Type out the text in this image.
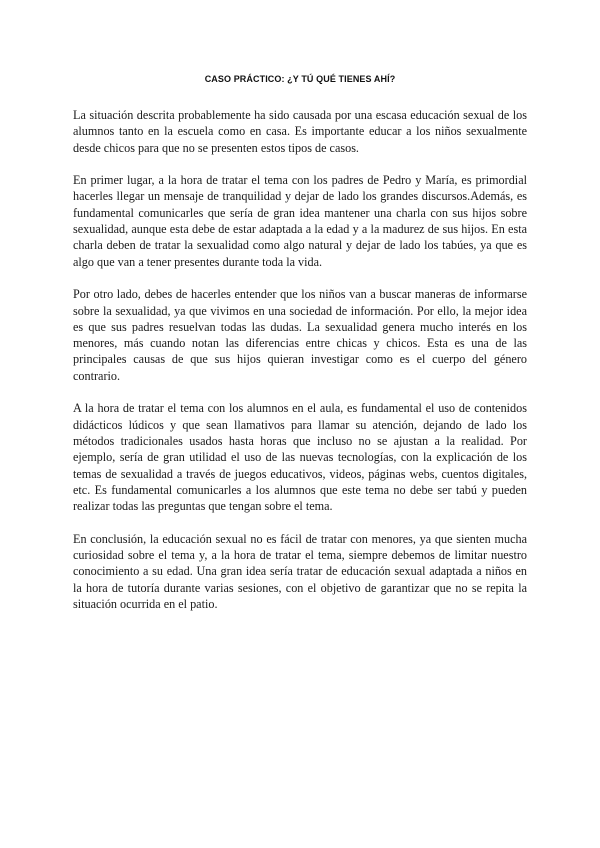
CASO PRÁCTICO: ¿Y TÚ QUÉ TIENES AHÍ?

La situación descrita probablemente ha sido causada por una escasa educación sexual de los alumnos tanto en la escuela como en casa. Es importante educar a los niños sexualmente desde chicos para que no se presenten estos tipos de casos.

En primer lugar, a la hora de tratar el tema con los padres de Pedro y María, es primordial hacerles llegar un mensaje de tranquilidad y dejar de lado los grandes discursos.Además, es fundamental comunicarles que sería de gran idea mantener una charla con sus hijos sobre sexualidad, aunque esta debe de estar adaptada a la edad y a la madurez de sus hijos. En esta charla deben de tratar la sexualidad como algo natural y dejar de lado los tabúes, ya que es algo que van a tener presentes durante toda la vida.

Por otro lado, debes de hacerles entender que los niños van a buscar maneras de informarse sobre la sexualidad, ya que vivimos en una sociedad de información. Por ello, la mejor idea es que sus padres resuelvan todas las dudas. La sexualidad genera mucho interés en los menores, más cuando notan las diferencias entre chicas y chicos. Esta es una de las principales causas de que sus hijos quieran investigar como es el cuerpo del género contrario.

A la hora de tratar el tema con los alumnos en el aula, es fundamental el uso de contenidos didácticos lúdicos y que sean llamativos para llamar su atención, dejando de lado los métodos tradicionales usados hasta horas que incluso no se ajustan a la realidad. Por ejemplo, sería de gran utilidad el uso de las nuevas tecnologías, con la explicación de los temas de sexualidad a través de juegos educativos, videos, páginas webs, cuentos digitales, etc. Es fundamental comunicarles a los alumnos que este tema no debe ser tabú y pueden realizar todas las preguntas que tengan sobre el tema.

En conclusión, la educación sexual no es fácil de tratar con menores, ya que sienten mucha curiosidad sobre el tema y, a la hora de tratar el tema, siempre debemos de limitar nuestro conocimiento a su edad. Una gran idea sería tratar de educación sexual adaptada a niños en la hora de tutoría durante varias sesiones, con el objetivo de garantizar que no se repita la situación ocurrida en el patio.
